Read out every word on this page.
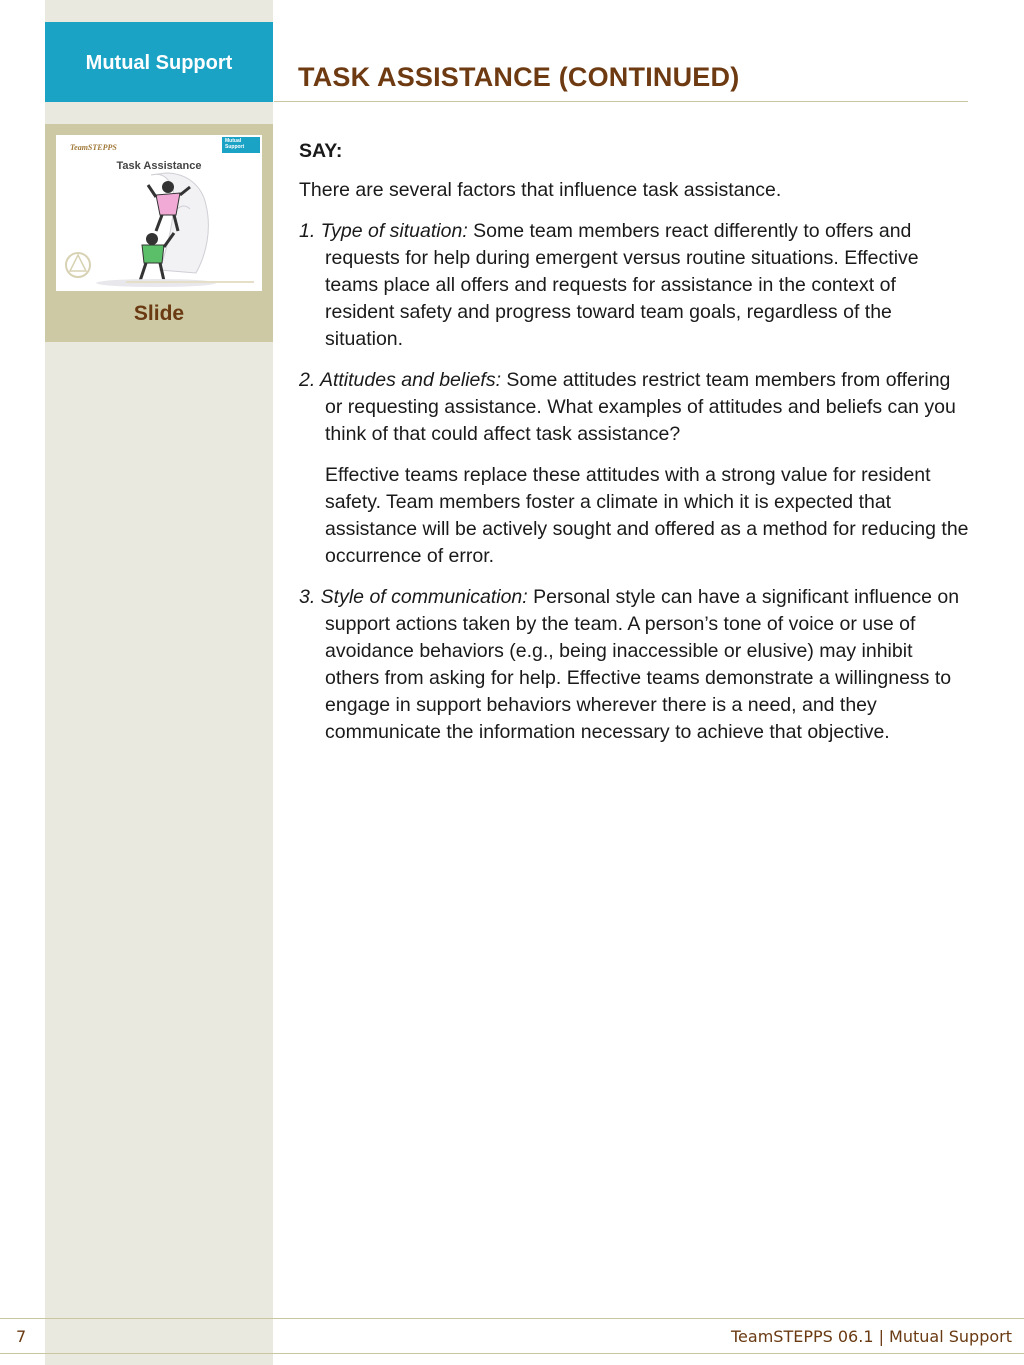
Mutual Support
TeamSTEPPS
Mutual Support
Task Assistance
Slide
TASK ASSISTANCE (CONTINUED)

SAY:

There are several factors that influence task assistance.

1. Type of situation: Some team members react differently to offers and requests for help during emergent versus routine situations. Effective teams place all offers and requests for assistance in the context of resident safety and progress toward team goals, regardless of the situation.

2. Attitudes and beliefs: Some attitudes restrict team members from offering or requesting assistance. What examples of attitudes and beliefs can you think of that could affect task assistance?

Effective teams replace these attitudes with a strong value for resident safety. Team members foster a climate in which it is expected that assistance will be actively sought and offered as a method for reducing the occurrence of error.

3. Style of communication: Personal style can have a significant influence on support actions taken by the team. A person’s tone of voice or use of avoidance behaviors (e.g., being inaccessible or elusive) may inhibit others from asking for help. Effective teams demonstrate a willingness to engage in support behaviors wherever there is a need, and they communicate the information necessary to achieve that objective.

7	TeamSTEPPS 06.1 | Mutual Support
